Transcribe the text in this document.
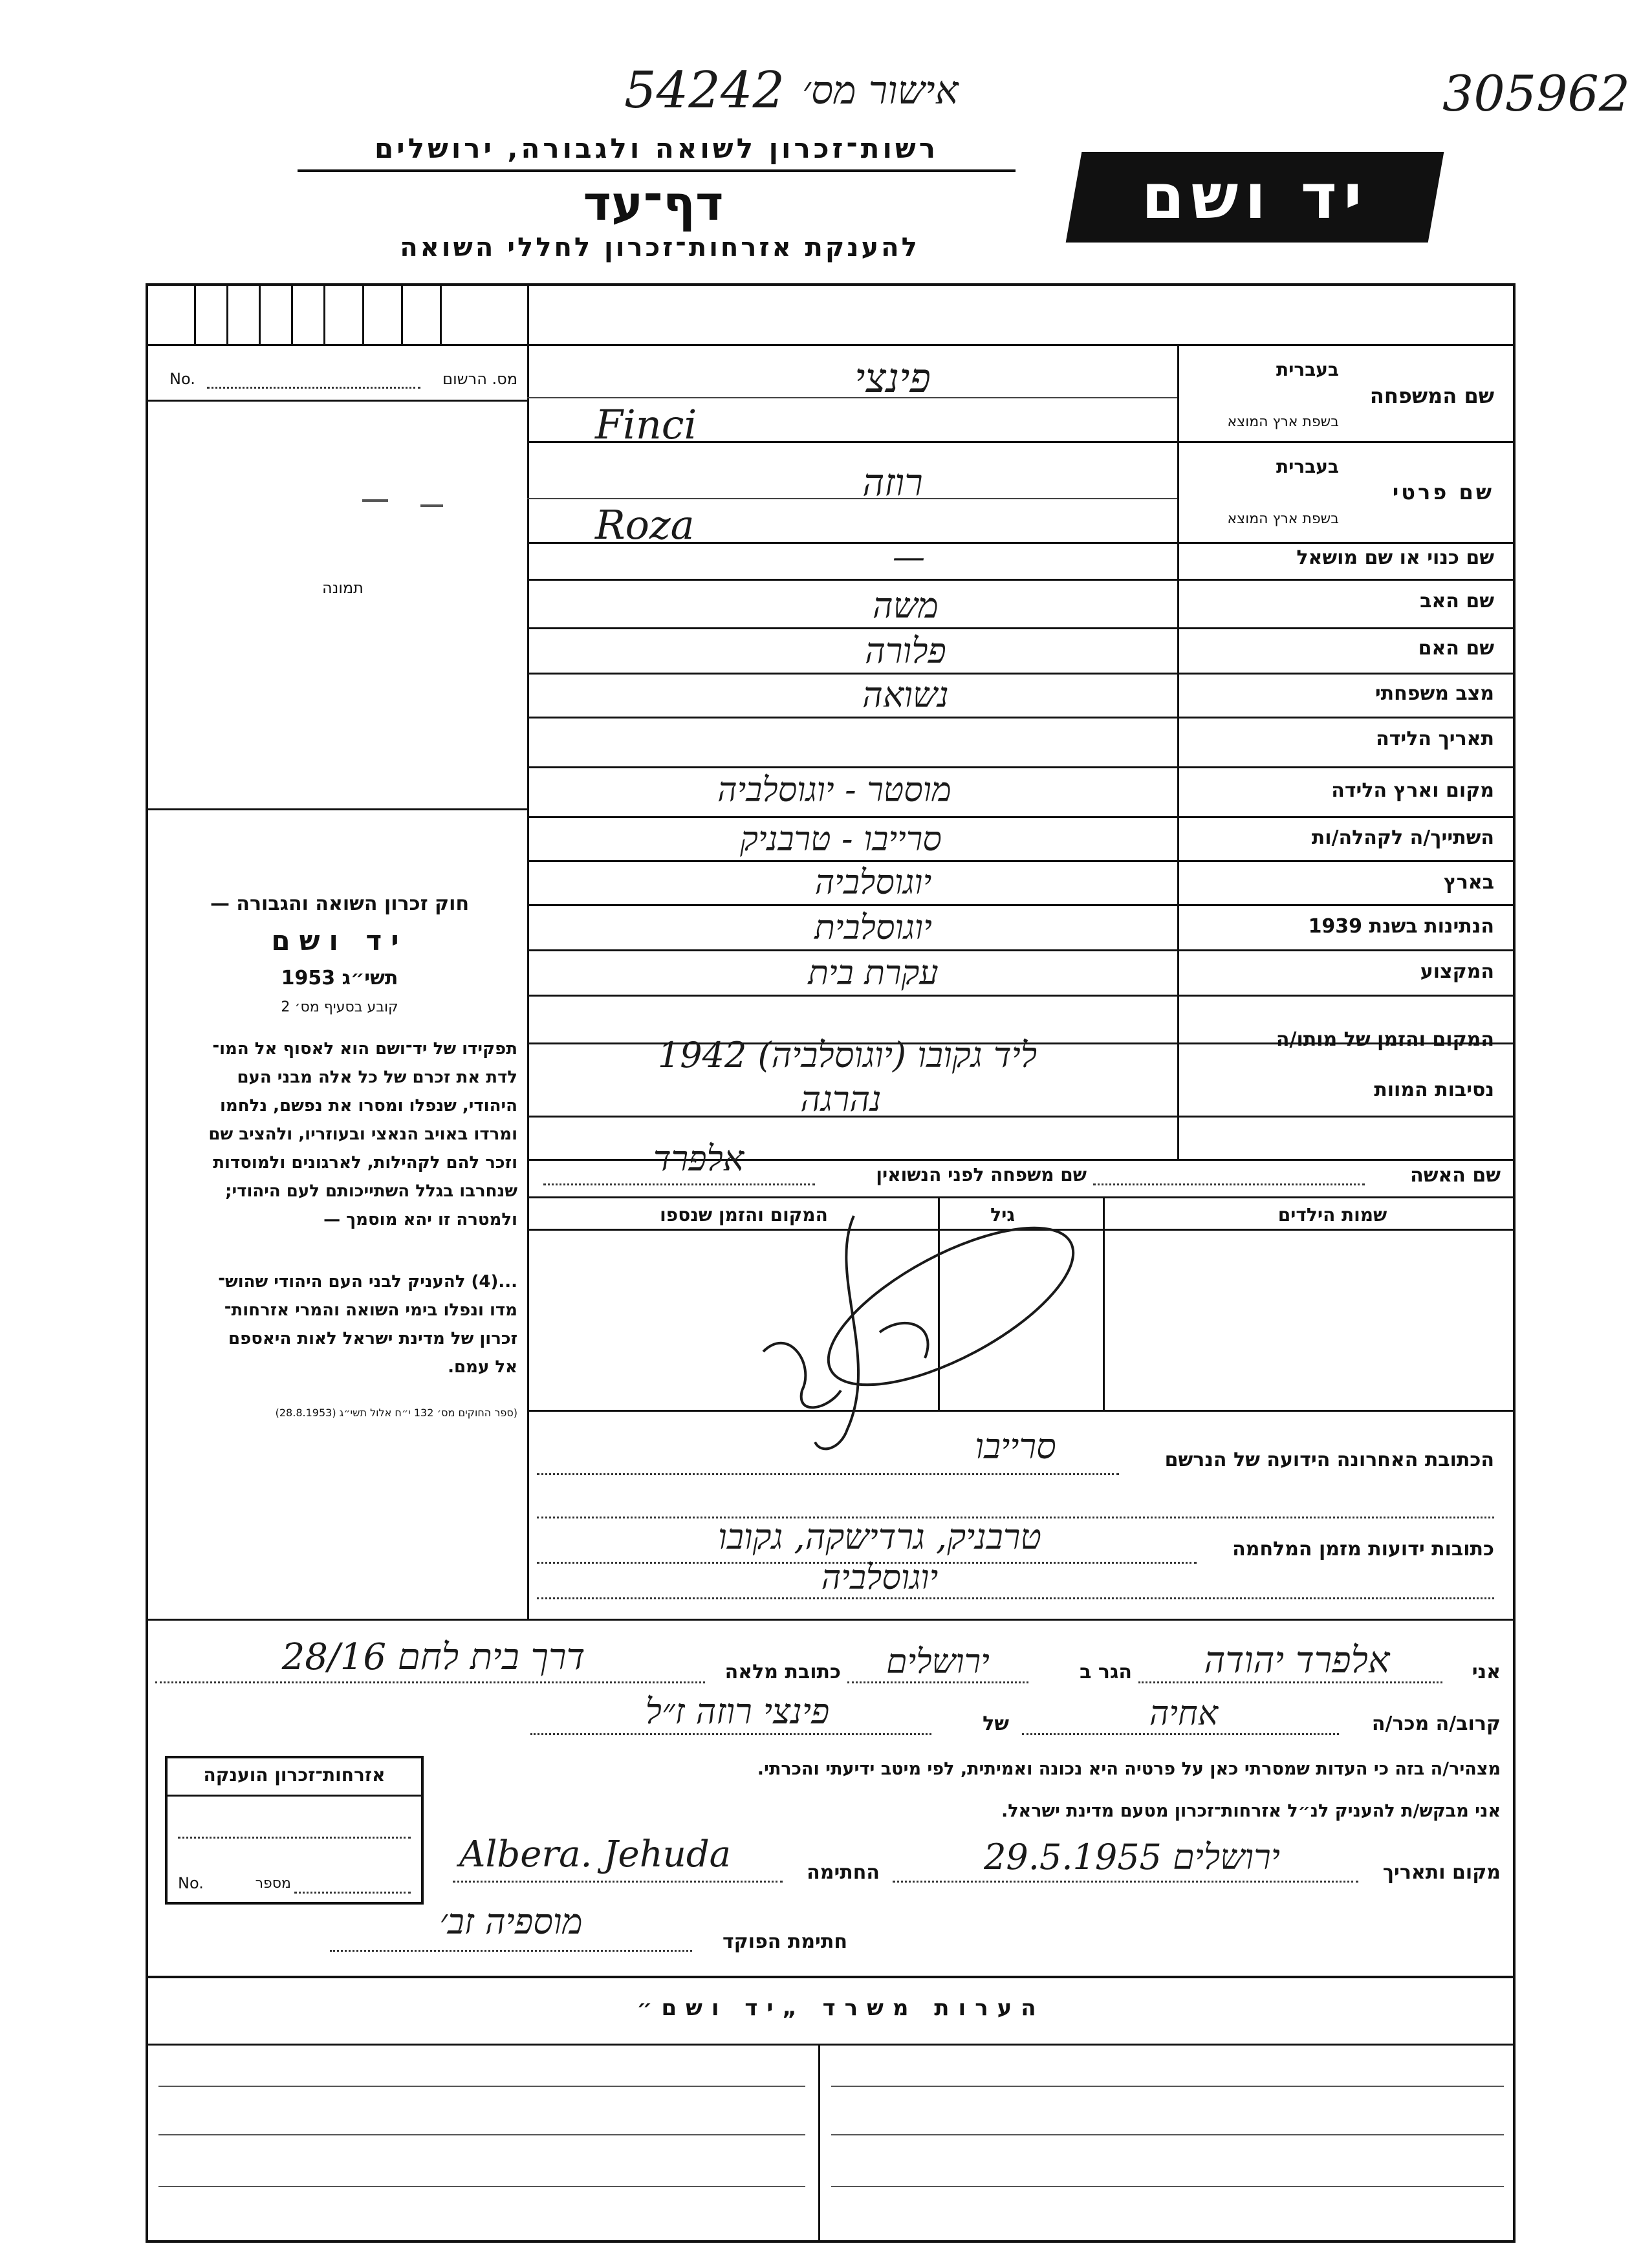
54242 אישור מס׳	305962
רשות־זכרון לשואה ולגבורה, ירושלים
דף־עד
להענקת אזרחות־זכרון לחללי השואה
יד ושם
מס. הרשום
No.
תמונה
שם המשפחה
בעברית
בשפת ארץ המוצא
פינצי
Finci
שם פרטי
בעברית
בשפת ארץ המוצא
רוזה
Roza
שם כנוי או שם מושאל
—
שם האב
משה
שם האם
פלורה
מצב משפחתי
נשואה
תאריך הלידה
מקום וארץ הלידה
מוסטר - יוגוסלביה
השתייך/ה לקהלה/ות
סרייבו - טרבניק
בארץ
יוגוסלביה
הנתינות בשנת 1939
יוגוסלבית
המקצוע
עקרת בית
המקום והזמן של מותו/ה
ליד גקובו (יוגוסלביה) 1942
נסיבות המוות
נהרגה
שם האשה
שם משפחה לפני הנשואין
אלפרד
שמות הילדים
גיל
המקום והזמן שנספו
הכתובת האחרונה הידועה של הנרשם
סרייבו
כתובות ידועות מזמן המלחמה
טרבניק, גרדישקה, גקובו
יוגוסלביה
חוק זכרון השואה והגבורה —
יד ושם
תשי״ג 1953
קובע בסעיף מס׳ 2

תפקידו של יד־ושם הוא לאסוף אל המו־

לדת את זכרם של כל אלה מבני העם

היהודי, שנפלו ומסרו את נפשם, נלחמו

ומרדו באויב הנאצי ובעוזריו, ולהציב שם

וזכר להם לקהילות, לארגונים ולמוסדות

שנחרבו בגלל השתייכותם לעם היהודי;

ולמטרה זו יהא מוסמך —

...(4) להעניק לבני העם היהודי שהוש־

מדו ונפלו בימי השואה והמרי אזרחות־

זכרון של מדינת ישראל לאות היאספם

אל עמם.

(ספר החוקים מס׳ 132 י״ח אלול תשי״ג (28.8.1953)
אני
אלפרד יהודה
הגר ב
ירושלים
כתובת מלאה
דרך בית לחם 28/16
קרוב/ה מכר/ה
אחיה
של
פינצי רוזה ז״ל
מצהיר/ה בזה כי העדות שמסרתי כאן על פרטיה היא נכונה ואמיתית, לפי מיטב ידיעתי והכרתי.
אני מבקש/ת להעניק לנ״ל אזרחות־זכרון מטעם מדינת ישראל.
מקום ותאריך
ירושלים 29.5.1955
החתימה
Albera. Jehuda
חתימת הפוקד
מוספיה זב׳
אזרחות־זכרון הוענקה
מספר
No.
הערות משרד „יד ושם״
